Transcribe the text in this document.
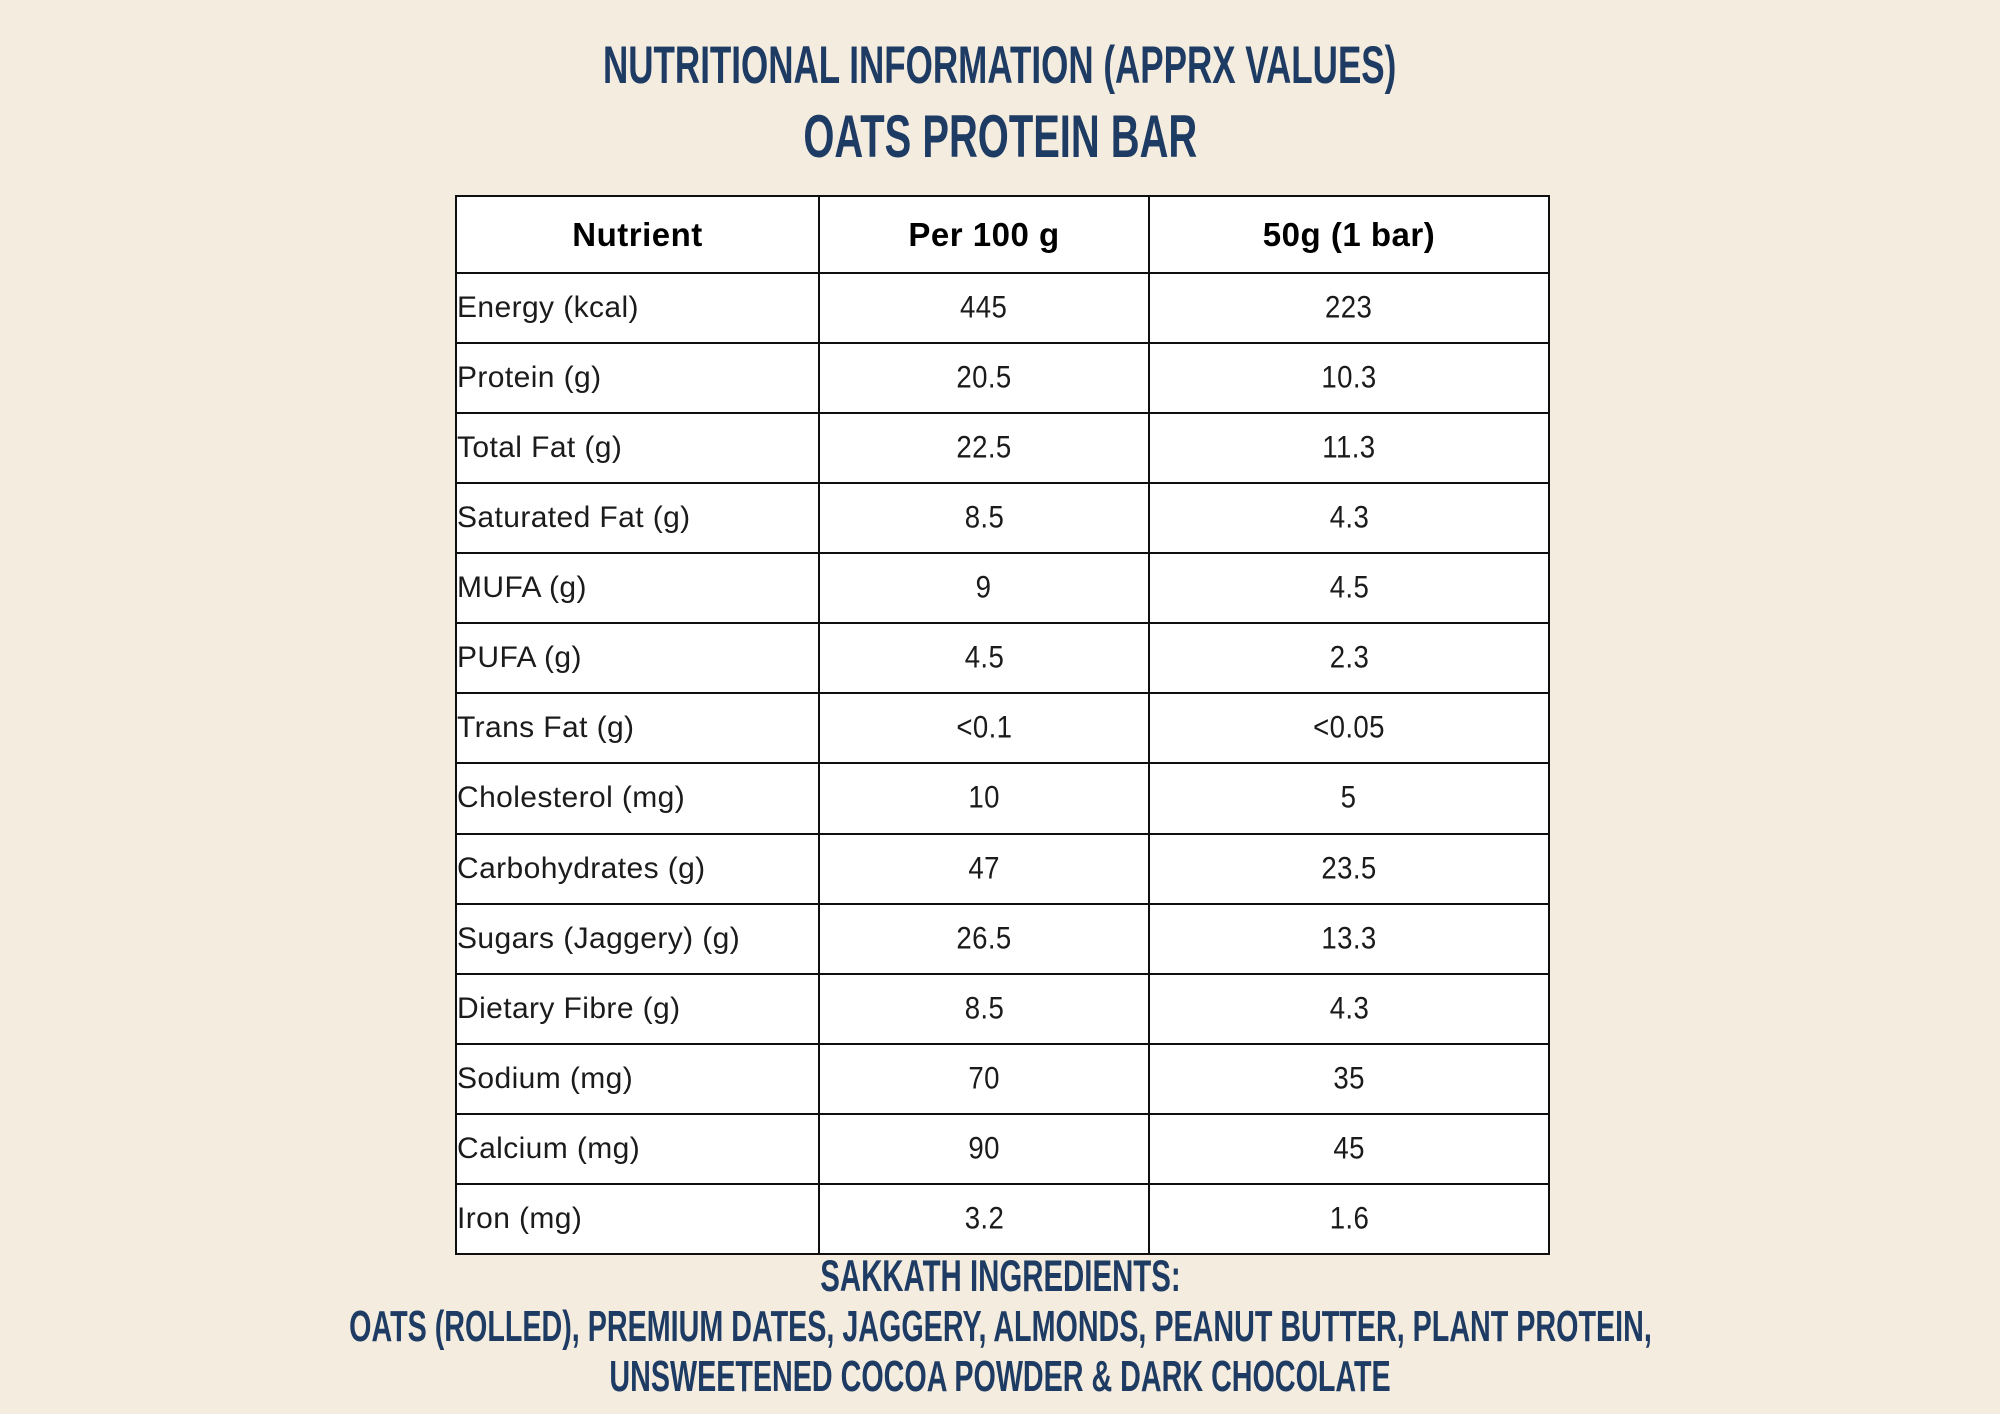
NUTRITIONAL INFORMATION (APPRX VALUES)
OATS PROTEIN BAR
Nutrient	Per 100 g	50g (1 bar)
Energy (kcal)	445	223
Protein (g)	20.5	10.3
Total Fat (g)	22.5	11.3
Saturated Fat (g)	8.5	4.3
MUFA (g)	9	4.5
PUFA (g)	4.5	2.3
Trans Fat (g)	<0.1	<0.05
Cholesterol (mg)	10	5
Carbohydrates (g)	47	23.5
Sugars (Jaggery) (g)	26.5	13.3
Dietary Fibre (g)	8.5	4.3
Sodium (mg)	70	35
Calcium (mg)	90	45
Iron (mg)	3.2	1.6
SAKKATH INGREDIENTS:
OATS (ROLLED), PREMIUM DATES, JAGGERY, ALMONDS, PEANUT BUTTER, PLANT PROTEIN,
UNSWEETENED COCOA POWDER & DARK CHOCOLATE
